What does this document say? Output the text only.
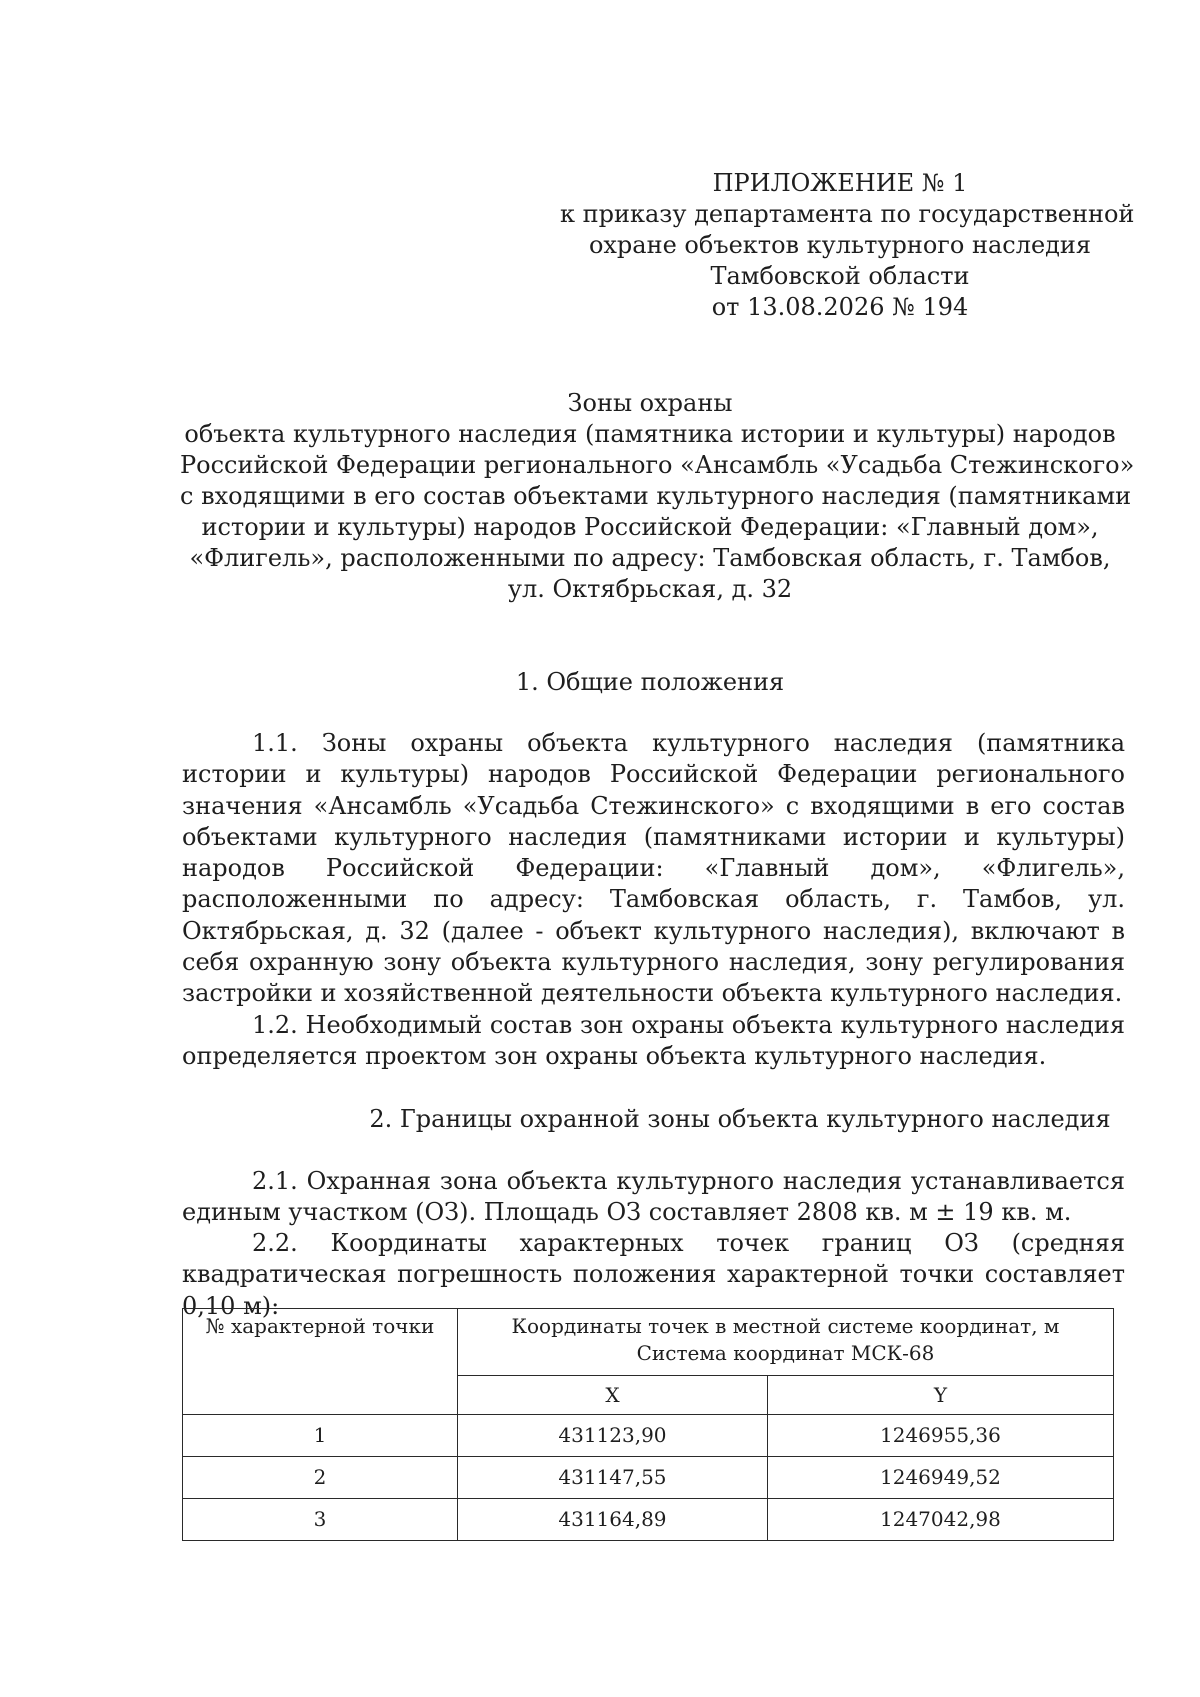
ПРИЛОЖЕНИЕ № 1
к приказу департамента по государственной
охране объектов культурного наследия
Тамбовской области
от 13.08.2026 № 194
Зоны охраны
объекта культурного наследия (памятника истории и культуры) народов
Российской Федерации регионального «Ансамбль «Усадьба Стежинского»
с входящими в его состав объектами культурного наследия (памятниками
истории и культуры) народов Российской Федерации: «Главный дом»,
«Флигель», расположенными по адресу: Тамбовская область, г. Тамбов,
ул. Октябрьская, д. 32
1. Общие положения

1.1. Зоны охраны объекта культурного наследия (памятника истории и культуры) народов Российской Федерации регионального значения «Ансамбль «Усадьба Стежинского» с входящими в его состав объектами культурного наследия (памятниками истории и культуры) народов Российской Федерации: «Главный дом», «Флигель», расположенными по адресу: Тамбовская область, г. Тамбов, ул. Октябрьская, д. 32 (далее - объект культурного наследия), включают в себя охранную зону объекта культурного наследия, зону регулирования застройки и хозяйственной деятельности объекта культурного наследия.

1.2. Необходимый состав зон охраны объекта культурного наследия определяется проектом зон охраны объекта культурного наследия.

2. Границы охранной зоны объекта культурного наследия

2.1. Охранная зона объекта культурного наследия устанавливается единым участком (ОЗ). Площадь ОЗ составляет 2808 кв. м ± 19 кв. м.

2.2. Координаты характерных точек границ ОЗ (средняя квадратическая погрешность положения характерной точки составляет 0,10 м):

№ характерной точки	Координаты точек в местной системе координат, м
Система координат МСК-68	

	X	Y
1	431123,90	1246955,36
2	431147,55	1246949,52
3	431164,89	1247042,98
